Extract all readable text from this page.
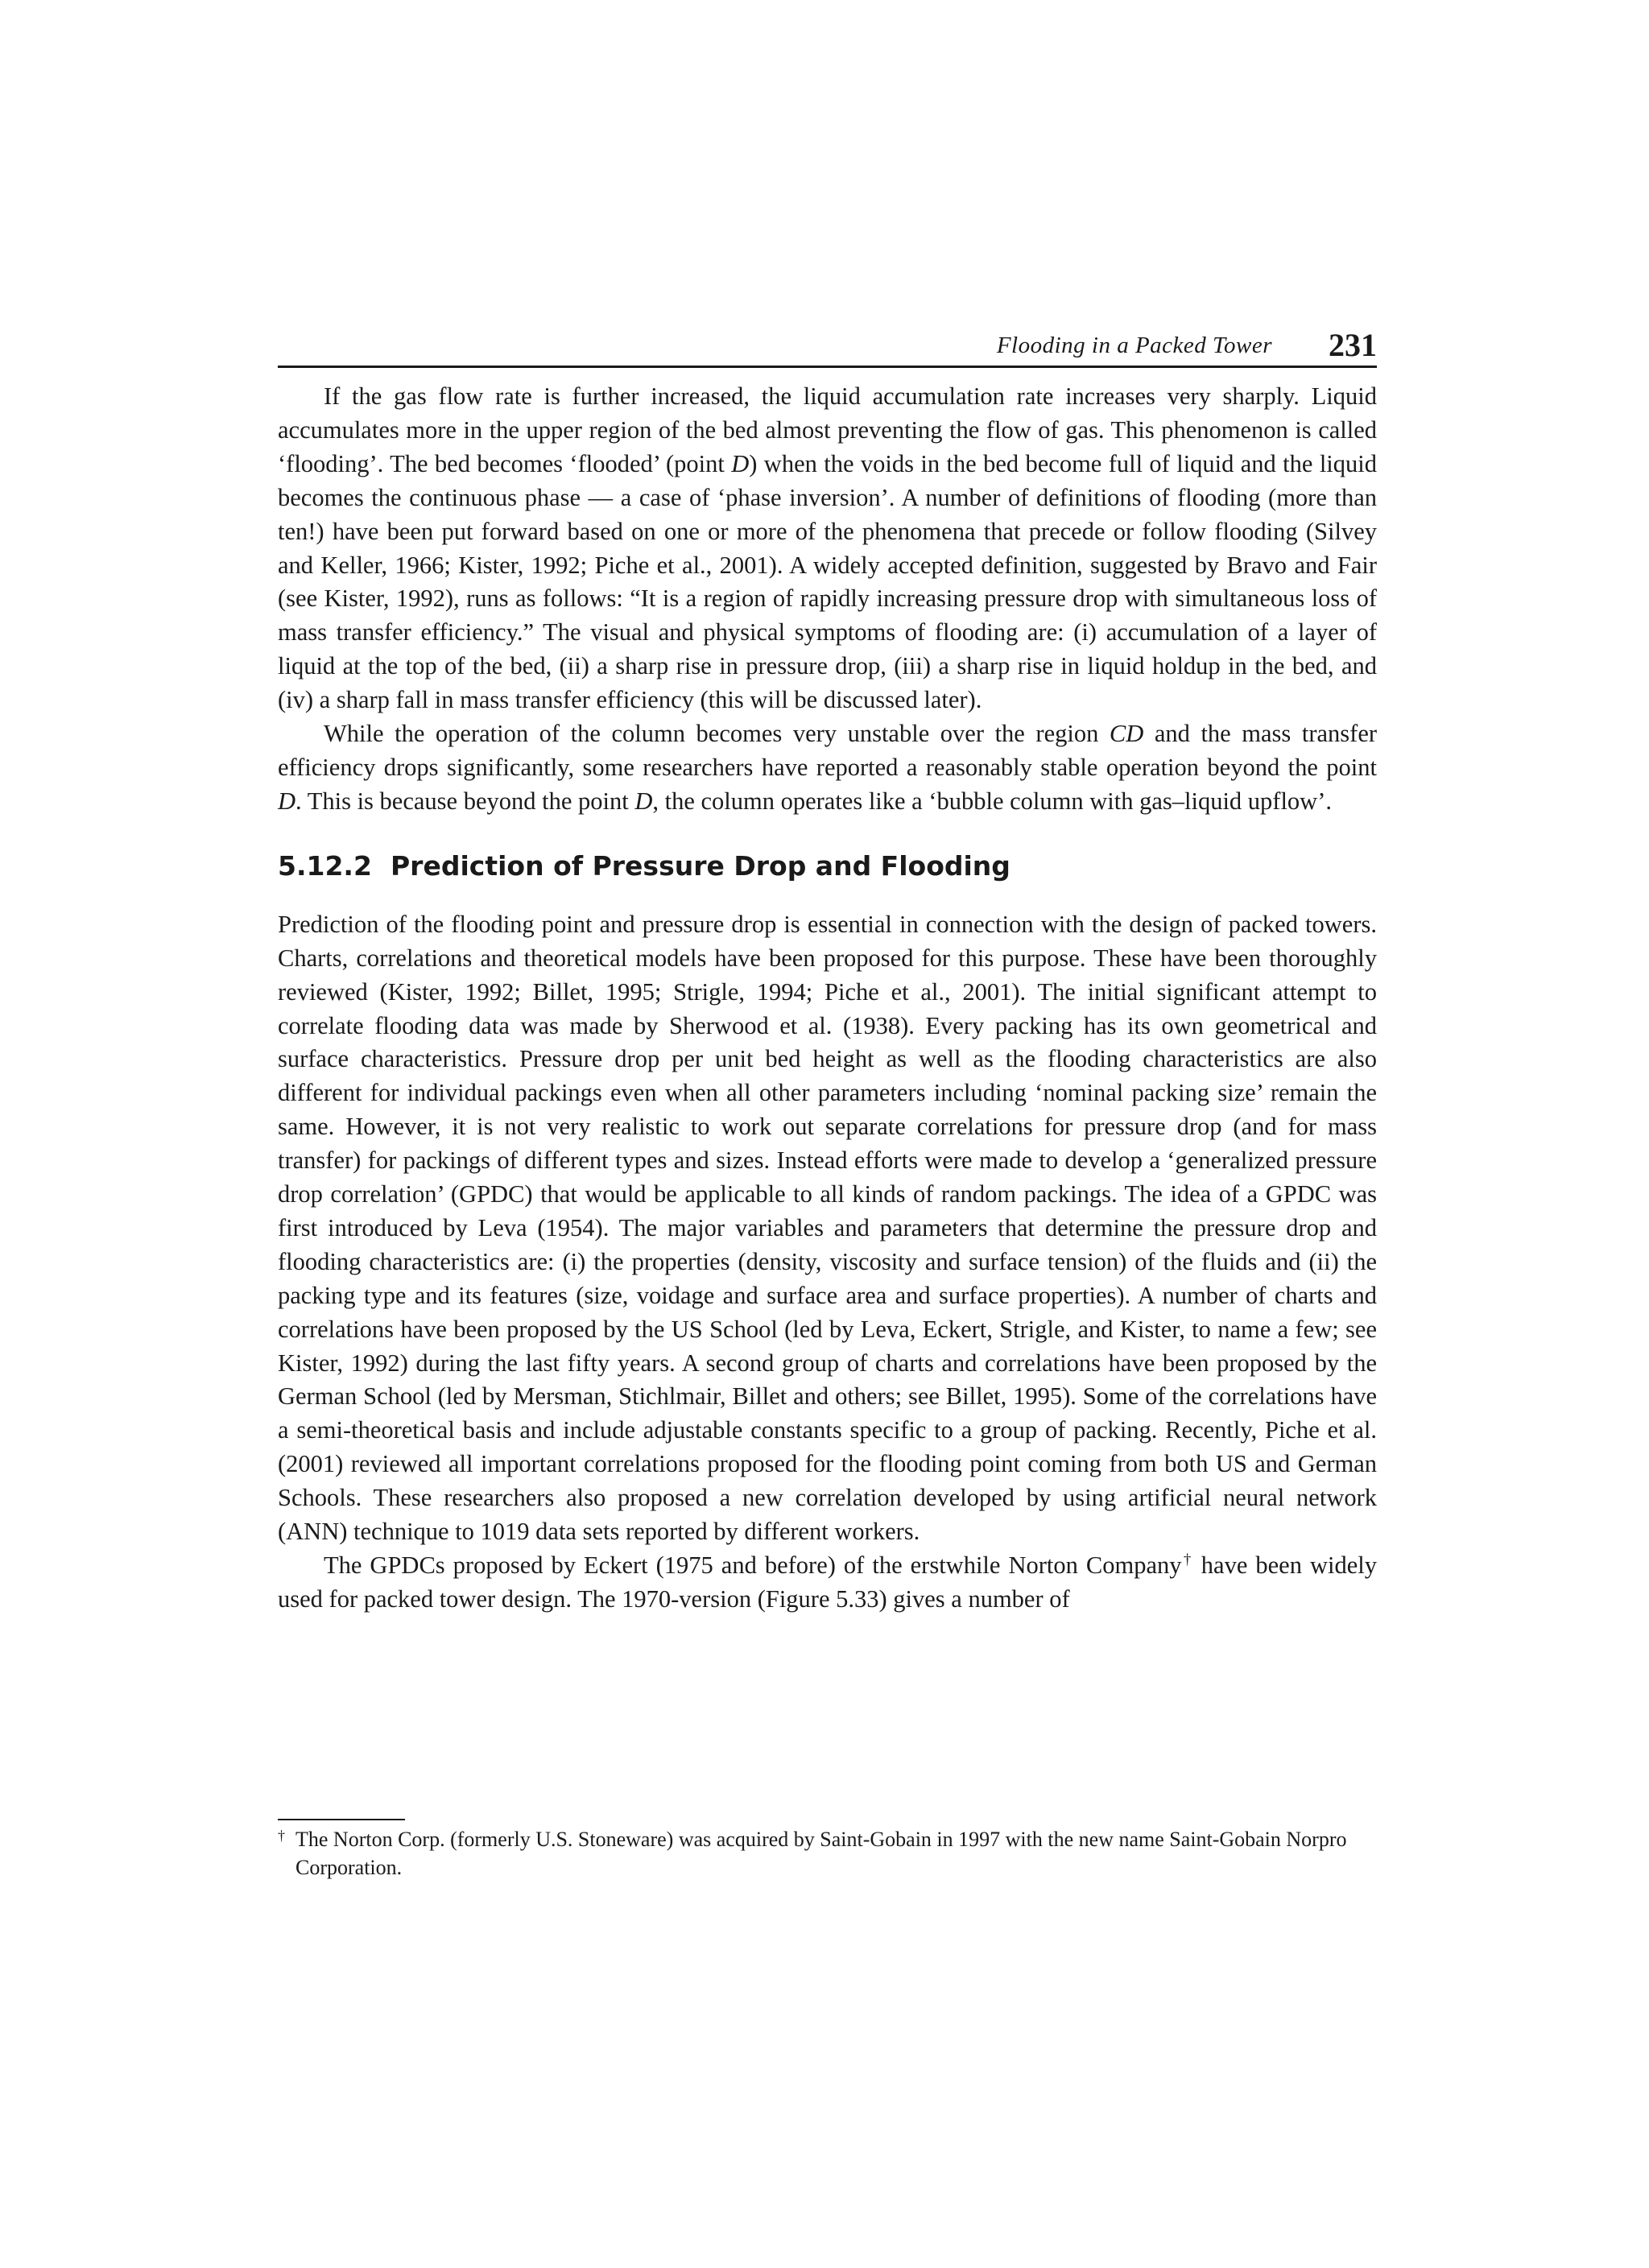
Flooding in a Packed Tower 231

If the gas flow rate is further increased, the liquid accumulation rate increases very sharply. Liquid accumulates more in the upper region of the bed almost preventing the flow of gas. This phenomenon is called ‘flooding’. The bed becomes ‘flooded’ (point D) when the voids in the bed become full of liquid and the liquid becomes the continuous phase — a case of ‘phase inversion’. A number of definitions of flooding (more than ten!) have been put forward based on one or more of the phenomena that precede or follow flooding (Silvey and Keller, 1966; Kister, 1992; Piche et al., 2001). A widely accepted definition, suggested by Bravo and Fair (see Kister, 1992), runs as follows: “It is a region of rapidly increasing pressure drop with simultaneous loss of mass transfer efficiency.” The visual and physical symptoms of flooding are: (i) accumulation of a layer of liquid at the top of the bed, (ii) a sharp rise in pressure drop, (iii) a sharp rise in liquid holdup in the bed, and (iv) a sharp fall in mass transfer efficiency (this will be discussed later).

While the operation of the column becomes very unstable over the region CD and the mass transfer efficiency drops significantly, some researchers have reported a reasonably stable operation beyond the point D. This is because beyond the point D, the column operates like a ‘bubble column with gas–liquid upflow’.

5.12.2 Prediction of Pressure Drop and Flooding

Prediction of the flooding point and pressure drop is essential in connection with the design of packed towers. Charts, correlations and theoretical models have been proposed for this purpose. These have been thoroughly reviewed (Kister, 1992; Billet, 1995; Strigle, 1994; Piche et al., 2001). The initial significant attempt to correlate flooding data was made by Sherwood et al. (1938). Every packing has its own geometrical and surface characteristics. Pressure drop per unit bed height as well as the flooding characteristics are also different for individual packings even when all other parameters including ‘nominal packing size’ remain the same. However, it is not very realistic to work out separate correlations for pressure drop (and for mass transfer) for packings of different types and sizes. Instead efforts were made to develop a ‘generalized pressure drop correlation’ (GPDC) that would be applicable to all kinds of random packings. The idea of a GPDC was first introduced by Leva (1954). The major variables and parameters that determine the pressure drop and flooding characteristics are: (i) the properties (density, viscosity and surface tension) of the fluids and (ii) the packing type and its features (size, voidage and surface area and surface properties). A number of charts and correlations have been proposed by the US School (led by Leva, Eckert, Strigle, and Kister, to name a few; see Kister, 1992) during the last fifty years. A second group of charts and correlations have been proposed by the German School (led by Mersman, Stichlmair, Billet and others; see Billet, 1995). Some of the correlations have a semi-theoretical basis and include adjustable constants specific to a group of packing. Recently, Piche et al. (2001) reviewed all important correlations proposed for the flooding point coming from both US and German Schools. These researchers also proposed a new correlation developed by using artificial neural network (ANN) technique to 1019 data sets reported by different workers.

The GPDCs proposed by Eckert (1975 and before) of the erstwhile Norton Company† have been widely used for packed tower design. The 1970-version (Figure 5.33) gives a number of

† The Norton Corp. (formerly U.S. Stoneware) was acquired by Saint-Gobain in 1997 with the new name Saint-Gobain Norpro Corporation.
